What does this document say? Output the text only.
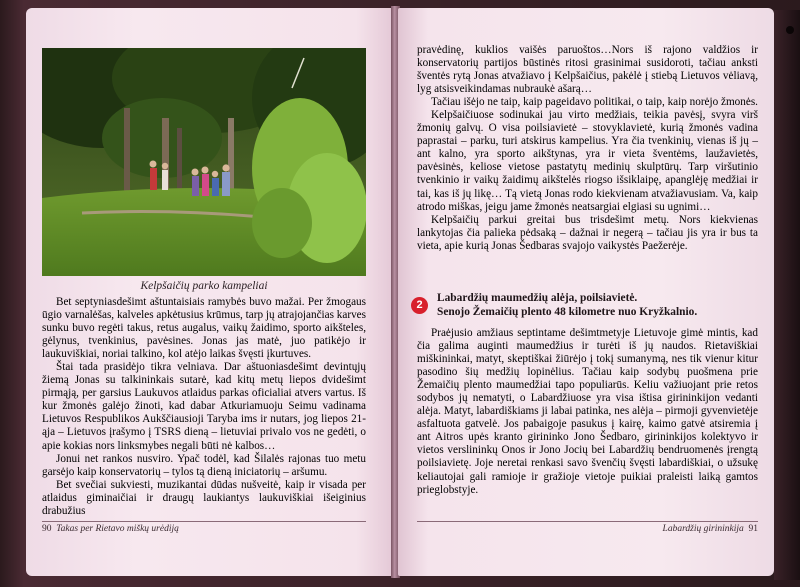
Kelpšaičių parko kampeliai

Bet septyniasdešimt aštuntaisiais ramybės buvo mažai. Per žmogaus ūgio varnalėšas, kalveles apkėtusius krūmus, tarp jų atrajojančias karves sunku buvo regėti takus, retus augalus, vaikų žaidimo, sporto aikšteles, gėlynus, tvenkinius, pavėsines. Jonas jas matė, juo patikėjo ir laukuviškiai, noriai talkino, kol atėjo laikas švęsti įkurtuves.

Štai tada prasidėjo tikra velniava. Dar aštuoniasdešimt devintųjų žiemą Jonas su talkininkais sutarė, kad kitų metų liepos dvidešimt pirmąją, per garsius Laukuvos atlaidus parkas oficialiai atvers vartus. Iš kur žmonės galėjo žinoti, kad dabar Atkuriamuoju Seimu vadinama Lietuvos Respublikos Aukščiausioji Taryba ims ir nutars, jog liepos 21-ąja – Lietuvos įrašymo į TSRS dieną – lietuviai privalo vos ne gedėti, o apie kokias nors linksmybes negali būti nė kalbos…

Jonui net rankos nusviro. Ypač todėl, kad Šilalės rajonas tuo metu garsėjo kaip konservatorių – tylos tą dieną iniciatorių – aršumu.

Bet svečiai sukviesti, muzikantai dūdas nušveitė, kaip ir visada per atlaidus giminaičiai ir draugų laukiantys laukuviškiai išeiginius drabužius

90 Takas per Rietavo miškų urėdiją

pravėdinę, kuklios vaišės paruoštos…Nors iš rajono valdžios ir konservatorių partijos būstinės ritosi grasinimai susidoroti, tačiau anksti šventės rytą Jonas atvažiavo į Kelpšaičius, pakėlė į stiebą Lietuvos vėliavą, lyg atsisveikindamas nubraukė ašarą…

Tačiau išėjo ne taip, kaip pageidavo politikai, o taip, kaip norėjo žmonės.

Kelpšaičiuose sodinukai jau virto medžiais, teikia pavėsį, svyra virš žmonių galvų. O visa poilsiavietė – stovyklavietė, kurią žmonės vadina paprastai – parku, turi atskirus kampelius. Yra čia tvenkinių, vienas iš jų – ant kalno, yra sporto aikštynas, yra ir vieta šventėms, laužavietės, pavėsinės, keliose vietose pastatytų medinių skulptūrų. Tarp viršutinio tvenkinio ir vaikų žaidimų aikštelės riogso išsiklaipę, apanglėję medžiai ir tai, kas iš jų likę… Tą vietą Jonas rodo kiekvienam atvažiavusiam. Va, kaip atrodo miškas, jeigu jame žmonės neatsargiai elgiasi su ugnimi…

Kelpšaičių parkui greitai bus trisdešimt metų. Nors kiekvienas lankytojas čia palieka pėdsaką – dažnai ir negerą – tačiau jis yra ir bus ta vieta, apie kurią Jonas Šedbaras svajojo vaikystės Paežerėje.

2
Labardžių maumedžių alėja, poilsiavietė.
Senojo Žemaičių plento 48 kilometre nuo Kryžkalnio.

Praėjusio amžiaus septintame dešimtmetyje Lietuvoje gimė mintis, kad čia galima auginti maumedžius ir turėti iš jų naudos. Rietaviškiai miškininkai, matyt, skeptiškai žiūrėjo į tokį sumanymą, nes tik vienur kitur pasodino šių medžių lopinėlius. Tačiau kaip sodybų puošmena prie Žemaičių plento maumedžiai tapo populiarūs. Keliu važiuojant prie retos sodybos jų nematyti, o Labardžiuose yra visa ištisa girininkijon vedanti alėja. Matyt, labardiškiams ji labai patinka, nes alėja – pirmoji gyvenvietėje asfaltuota gatvelė. Jos pabaigoje pasukus į kairę, kaimo gatvė atsiremia į ant Aitros upės kranto girininko Jono Šedbaro, girininkijos kolektyvo ir vietos verslininkų Onos ir Jono Jocių bei Labardžių bendruomenės įrengtą poilsiavietę. Joje neretai renkasi savo švenčių švęsti labardiškiai, o užsukę keliautojai gali ramioje ir gražioje vietoje puikiai praleisti laiką gamtos prieglobstyje.

Labardžių girininkija 91
